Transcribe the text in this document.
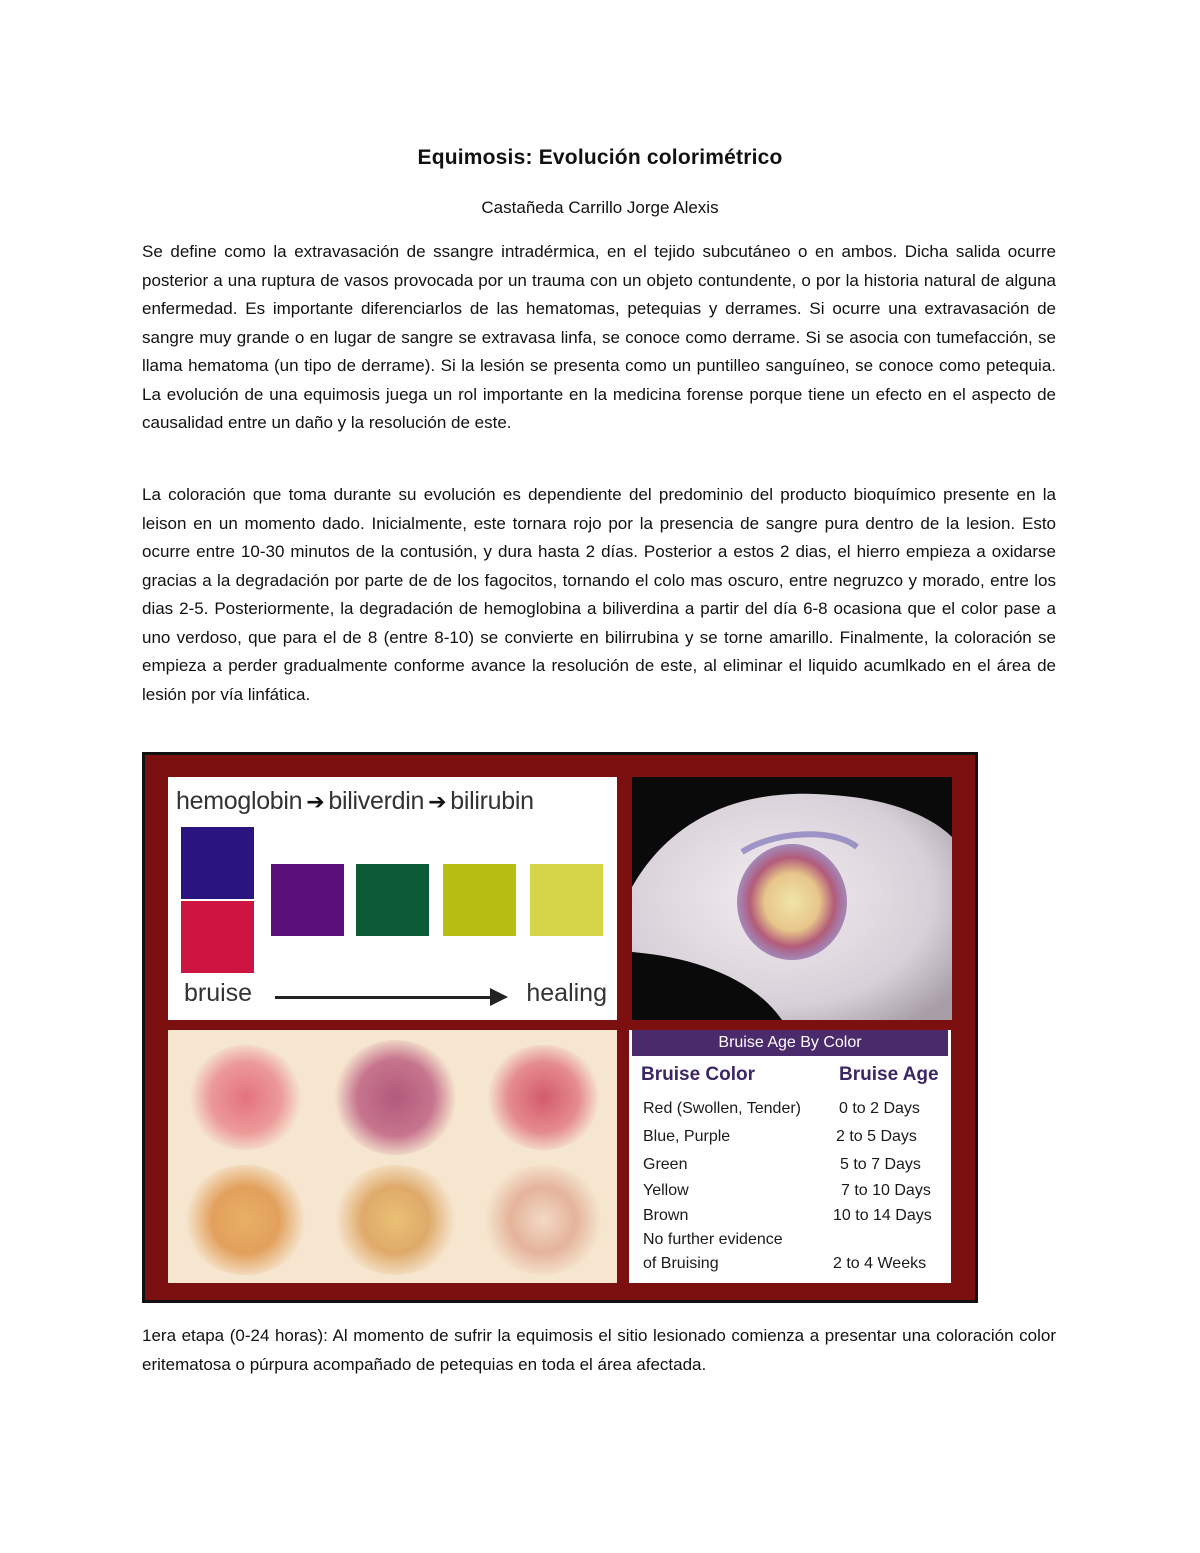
Equimosis: Evolución colorimétrico
Castañeda Carrillo Jorge Alexis

Se define como la extravasación de ssangre intradérmica, en el tejido subcutáneo o en ambos. Dicha salida ocurre posterior a una ruptura de vasos provocada por un trauma con un objeto contundente, o por la historia natural de alguna enfermedad. Es importante diferenciarlos de las hematomas, petequias y derrames. Si ocurre una extravasación de sangre muy grande o en lugar de sangre se extravasa linfa, se conoce como derrame. Si se asocia con tumefacción, se llama hematoma (un tipo de derrame). Si la lesión se presenta como un puntilleo sanguíneo, se conoce como petequia. La evolución de una equimosis juega un rol importante en la medicina forense porque tiene un efecto en el aspecto de causalidad entre un daño y la resolución de este.

La coloración que toma durante su evolución es dependiente del predominio del producto bioquímico presente en la leison en un momento dado. Inicialmente, este tornara rojo por la presencia de sangre pura dentro de la lesion. Esto ocurre entre 10-30 minutos de la contusión, y dura hasta 2 días. Posterior a estos 2 dias, el hierro empieza a oxidarse gracias a la degradación por parte de de los fagocitos, tornando el colo mas oscuro, entre negruzco y morado, entre los dias 2-5. Posteriormente, la degradación de hemoglobina a biliverdina a partir del día 6-8 ocasiona que el color pase a uno verdoso, que para el de 8 (entre 8-10) se convierte en bilirrubina y se torne amarillo. Finalmente, la coloración se empieza a perder gradualmente conforme avance la resolución de este, al eliminar el liquido acumlkado en el área de lesión por vía linfática.

hemoglobin ➔ biliverdin ➔ bilirubin
bruise	healing
Bruise Age By Color
Bruise Color	Bruise Age
Red (Swollen, Tender) 0 to 2 Days
Blue, Purple	2 to 5 Days
Green	5 to 7 Days
Yellow	7 to 10 Days
Brown	10 to 14 Days
No further evidence
of Bruising	2 to 4 Weeks

1era etapa (0-24 horas): Al momento de sufrir la equimosis el sitio lesionado comienza a presentar una coloración color eritematosa o púrpura acompañado de petequias en toda el área afectada.
